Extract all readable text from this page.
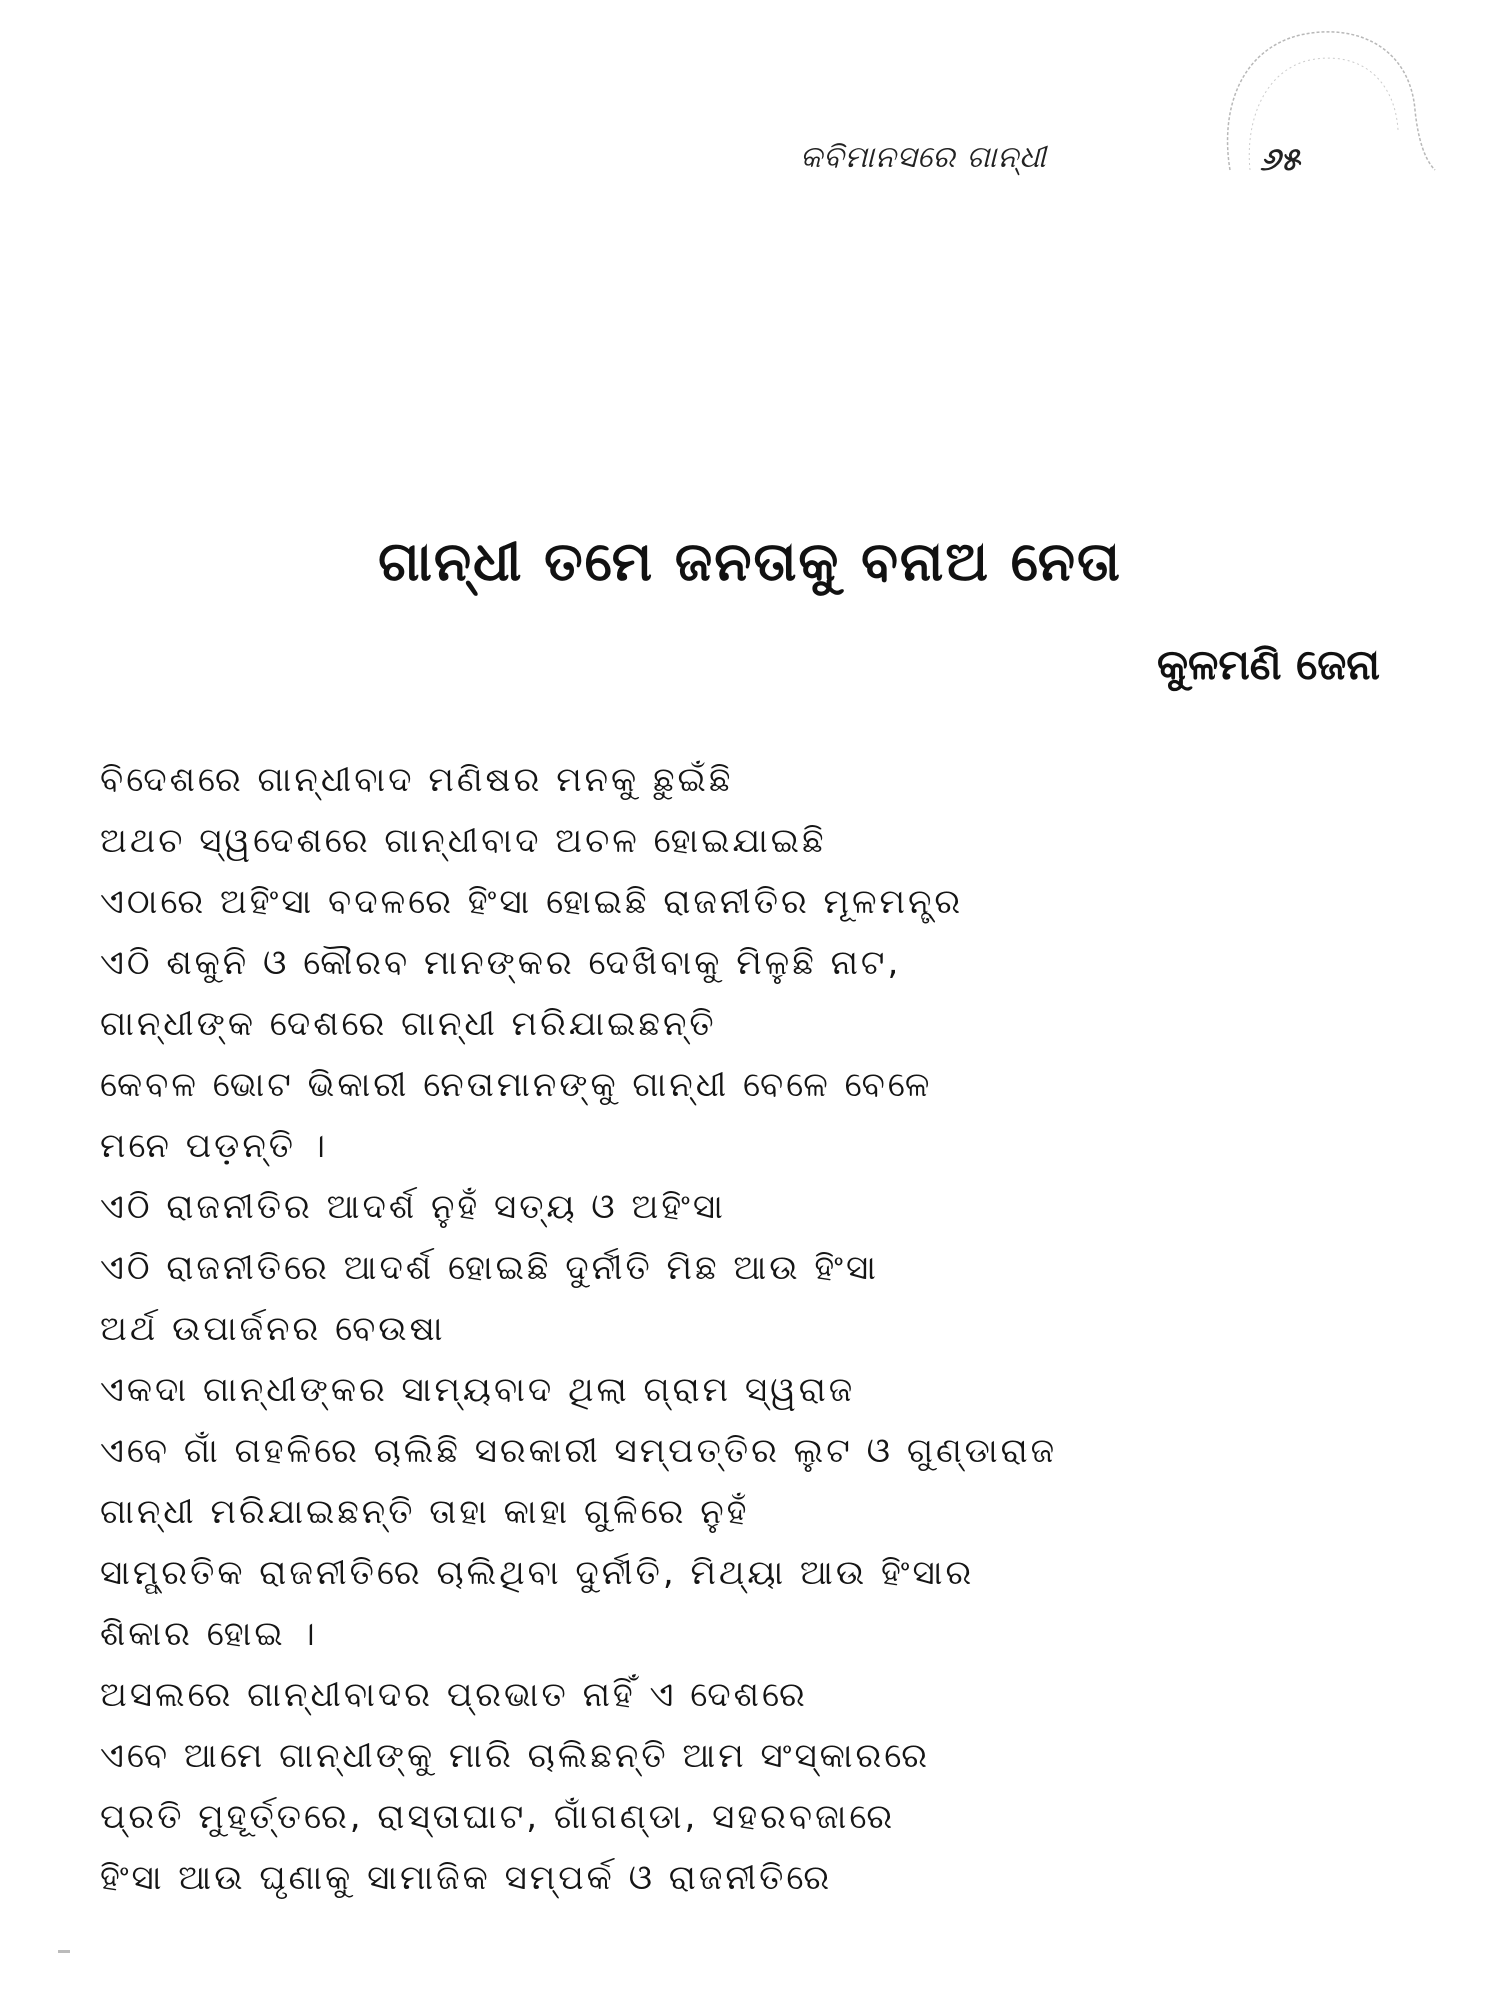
କବିମାନସରେ ଗାନ୍ଧୀ	୬୫
ଗାନ୍ଧୀ ତମେ ଜନତାକୁ ବନାଅ ନେତା
କୁଳମଣି ଜେନା
ବିଦେଶରେ ଗାନ୍ଧୀବାଦ ମଣିଷର ମନକୁ ଛୁଇଁଛି
ଅଥଚ ସ୍ୱଦେଶରେ ଗାନ୍ଧୀବାଦ ଅଚଳ ହୋଇଯାଇଛି
ଏଠାରେ ଅହିଂସା ବଦଳରେ ହିଂସା ହୋଇଛି ରାଜନୀତିର ମୂଳମନ୍ତ୍ର
ଏଠି ଶକୁନି ଓ କୌରବ ମାନଙ୍କର ଦେଖିବାକୁ ମିଳୁଛି ନାଟ,
ଗାନ୍ଧୀଙ୍କ ଦେଶରେ ଗାନ୍ଧୀ ମରିଯାଇଛନ୍ତି
କେବଳ ଭୋଟ ଭିକାରୀ ନେତାମାନଙ୍କୁ ଗାନ୍ଧୀ ବେଳେ ବେଳେ
ମନେ ପଡ଼ନ୍ତି ।
ଏଠି ରାଜନୀତିର ଆଦର୍ଶ ନୁହଁ ସତ୍ୟ ଓ ଅହିଂସା
ଏଠି ରାଜନୀତିରେ ଆଦର୍ଶ ହୋଇଛି ଦୁର୍ନୀତି ମିଛ ଆଉ ହିଂସା
ଅର୍ଥ ଉପାର୍ଜନର ବେଉଷା
ଏକଦା ଗାନ୍ଧୀଙ୍କର ସାମ୍ୟବାଦ ଥିଲା ଗ୍ରାମ ସ୍ୱରାଜ
ଏବେ ଗାଁ ଗହଳିରେ ଚାଲିଛି ସରକାରୀ ସମ୍ପତ୍ତିର ଲୁଟ ଓ ଗୁଣ୍ଡାରାଜ
ଗାନ୍ଧୀ ମରିଯାଇଛନ୍ତି ତାହା କାହା ଗୁଳିରେ ନୁହଁ
ସାମ୍ପ୍ରତିକ ରାଜନୀତିରେ ଚାଲିଥିବା ଦୁର୍ନୀତି, ମିଥ୍ୟା ଆଉ ହିଂସାର
ଶିକାର ହୋଇ ।
ଅସଲରେ ଗାନ୍ଧୀବାଦର ପ୍ରଭାତ ନାହିଁ ଏ ଦେଶରେ
ଏବେ ଆମେ ଗାନ୍ଧୀଙ୍କୁ ମାରି ଚାଲିଛନ୍ତି ଆମ ସଂସ୍କାରରେ
ପ୍ରତି ମୁହୂର୍ତ୍ତରେ, ରାସ୍ତାଘାଟ, ଗାଁଗଣ୍ଡା, ସହରବଜାରେ
ହିଂସା ଆଉ ଘୃଣାକୁ ସାମାଜିକ ସମ୍ପର୍କ ଓ ରାଜନୀତିରେ
